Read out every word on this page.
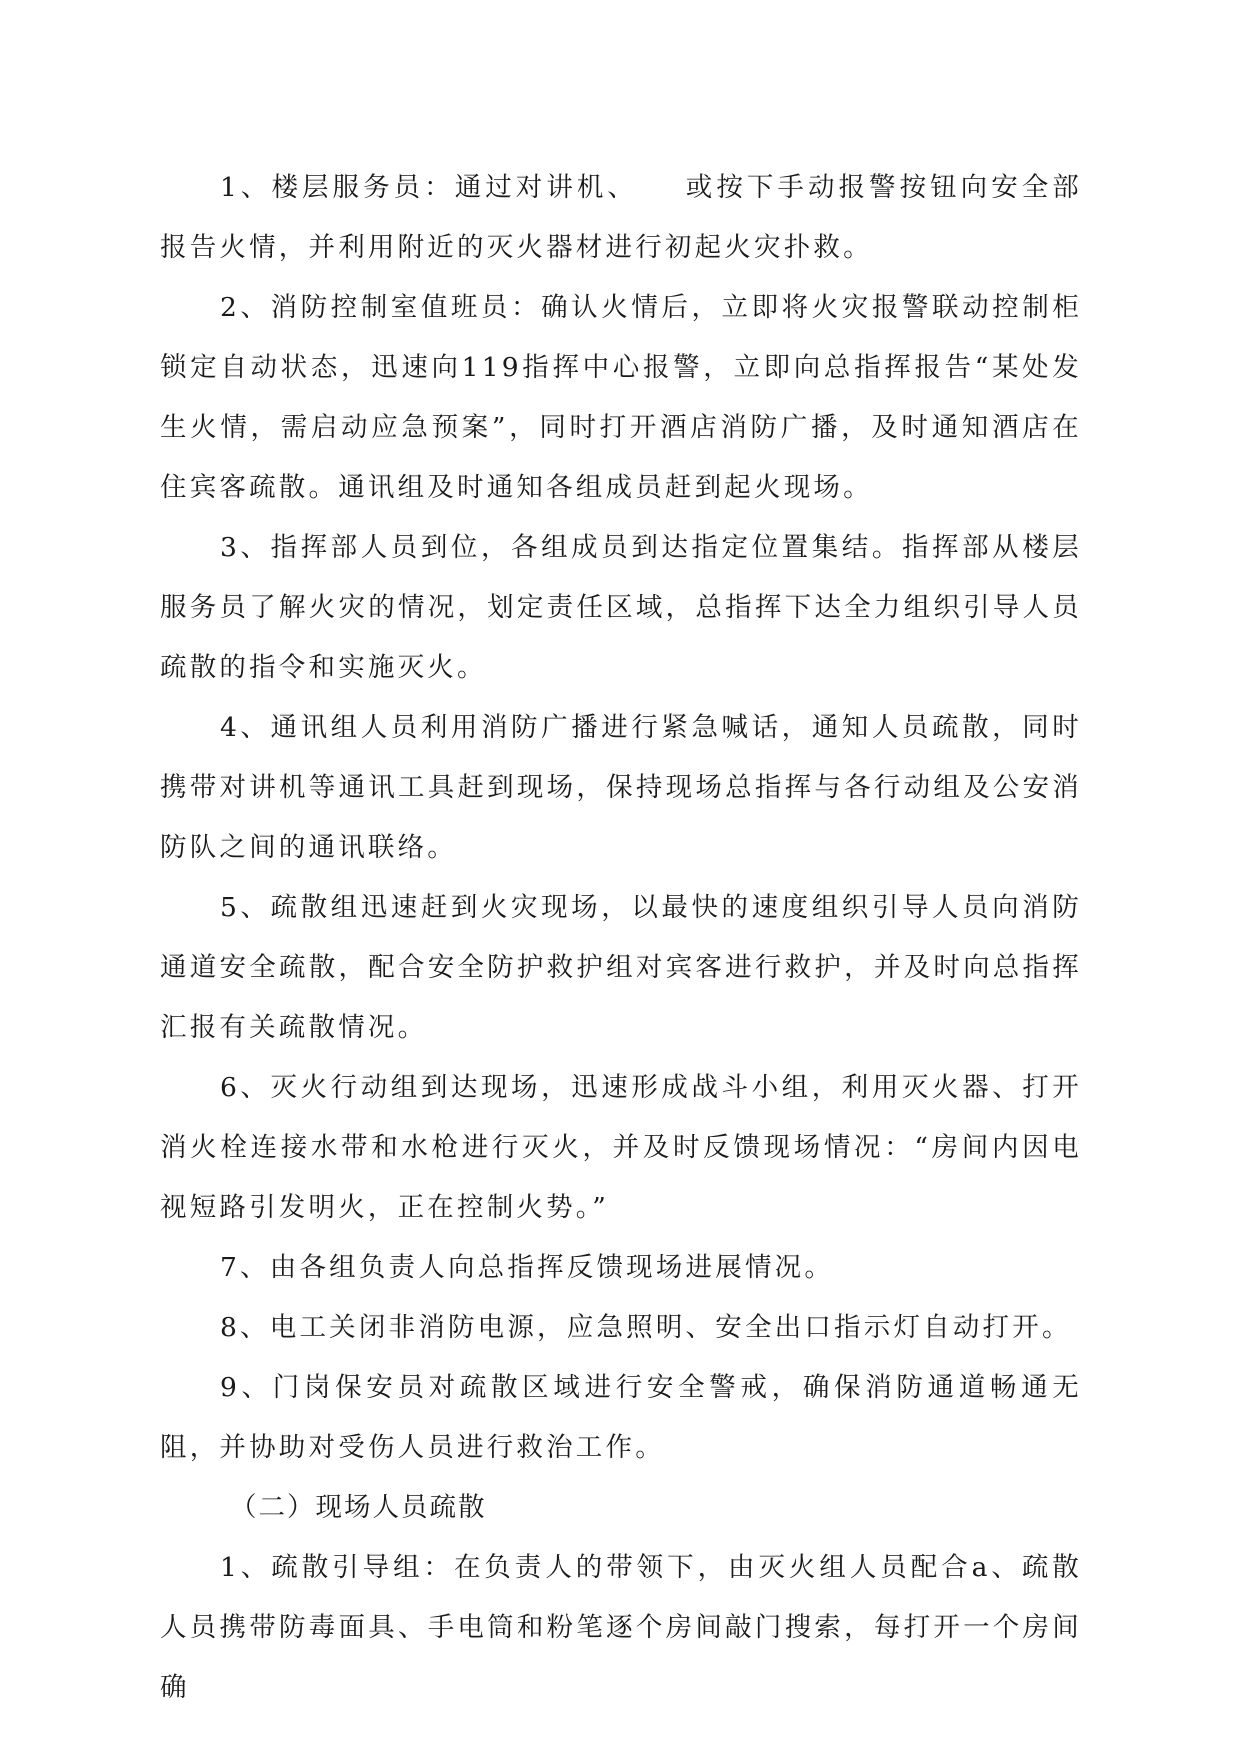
1、楼层服务员：通过对讲机、　　或按下手动报警按钮向安全部报告火情，并利用附近的灭火器材进行初起火灾扑救。

2、消防控制室值班员：确认火情后，立即将火灾报警联动控制柜锁定自动状态，迅速向119指挥中心报警，立即向总指挥报告“某处发生火情，需启动应急预案”，同时打开酒店消防广播，及时通知酒店在住宾客疏散。通讯组及时通知各组成员赶到起火现场。

3、指挥部人员到位，各组成员到达指定位置集结。指挥部从楼层服务员了解火灾的情况，划定责任区域，总指挥下达全力组织引导人员疏散的指令和实施灭火。

4、通讯组人员利用消防广播进行紧急喊话，通知人员疏散，同时携带对讲机等通讯工具赶到现场，保持现场总指挥与各行动组及公安消防队之间的通讯联络。

5、疏散组迅速赶到火灾现场，以最快的速度组织引导人员向消防通道安全疏散，配合安全防护救护组对宾客进行救护，并及时向总指挥汇报有关疏散情况。

6、灭火行动组到达现场，迅速形成战斗小组，利用灭火器、打开消火栓连接水带和水枪进行灭火，并及时反馈现场情况：“房间内因电视短路引发明火，正在控制火势。”

7、由各组负责人向总指挥反馈现场进展情况。

8、电工关闭非消防电源，应急照明、安全出口指示灯自动打开。

9、门岗保安员对疏散区域进行安全警戒，确保消防通道畅通无阻，并协助对受伤人员进行救治工作。

（二）现场人员疏散

1、疏散引导组：在负责人的带领下，由灭火组人员配合a、疏散人员携带防毒面具、手电筒和粉笔逐个房间敲门搜索，每打开一个房间确
